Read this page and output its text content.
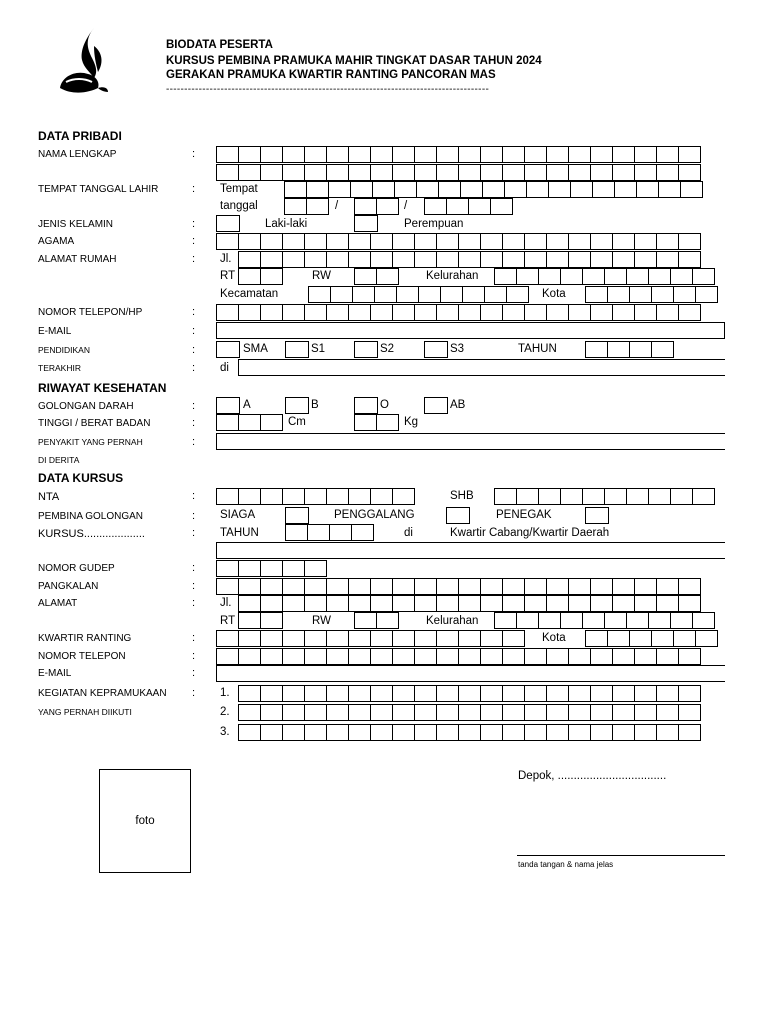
BIODATA PESERTA
KURSUS PEMBINA PRAMUKA MAHIR TINGKAT DASAR TAHUN 2024
GERAKAN PRAMUKA KWARTIR RANTING PANCORAN MAS
-----------------------------------------------------------------------------------------
DATA PRIBADI
NAMA LENGKAP	:
TEMPAT TANGGAL LAHIR	: Tempat
tanggal	/	/
JENIS KELAMIN	:	Laki-laki	Perempuan
AGAMA	:
ALAMAT RUMAH	: Jl.
RT	RW	Kelurahan
Kecamatan	Kota
NOMOR TELEPON/HP	:
E-MAIL	:
PENDIDIKAN	:	SMA	S1	S2	S3	TAHUN
TERAKHIR	: di
RIWAYAT KESEHATAN
GOLONGAN DARAH	:	A	B	O	AB
TINGGI / BERAT BADAN	:	Cm	Kg
PENYAKIT YANG PERNAH	:
DI DERITA
DATA KURSUS
NTA	:	SHB
PEMBINA GOLONGAN	: SIAGA	PENGGALANG	PENEGAK
KURSUS....................	: TAHUN	di	Kwartir Cabang/Kwartir Daerah
NOMOR GUDEP	:
PANGKALAN	:
ALAMAT	: Jl.
RT	RW	Kelurahan
KWARTIR RANTING	:	Kota
NOMOR TELEPON	:
E-MAIL	:
KEGIATAN KEPRAMUKAAN :
YANG PERNAH DIIKUTI
1.
2.
3.
foto
Depok, ..................................
tanda tangan & nama jelas
